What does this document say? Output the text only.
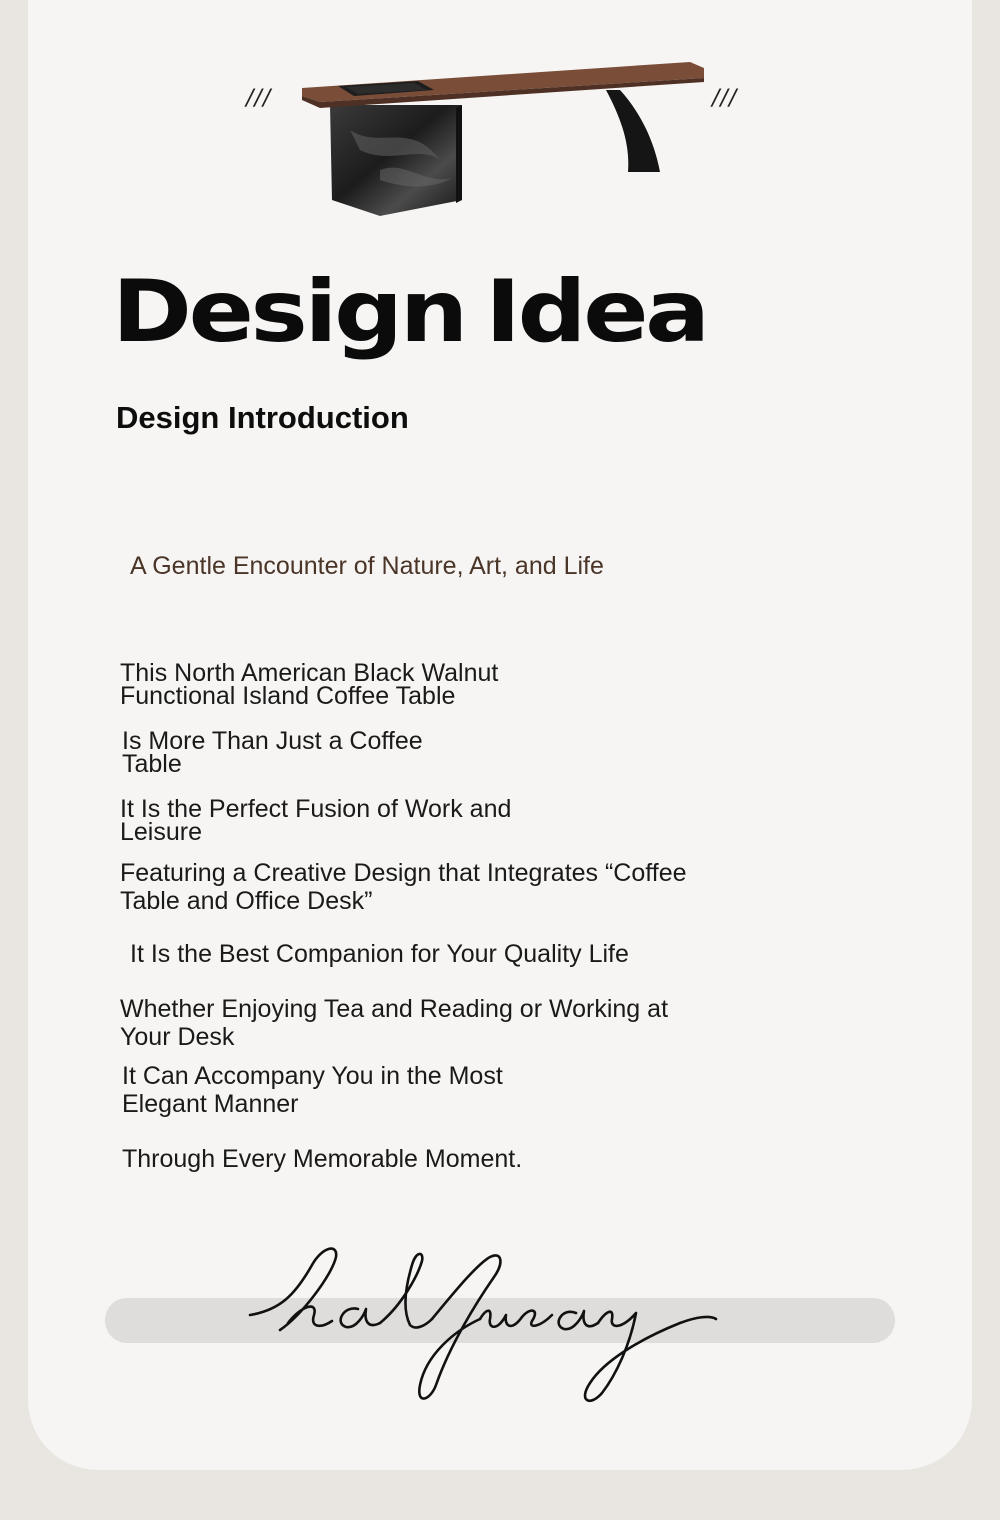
///	///
Design Idea
Design Introduction
A Gentle Encounter of Nature, Art, and Life
This North American Black Walnut
Functional Island Coffee Table
Is More Than Just a Coffee
Table
It Is the Perfect Fusion of Work and
Leisure
Featuring a Creative Design that Integrates “Coffee
Table and Office Desk”
It Is the Best Companion for Your Quality Life
Whether Enjoying Tea and Reading or Working at
Your Desk
It Can Accompany You in the Most
Elegant Manner
Through Every Memorable Moment.
